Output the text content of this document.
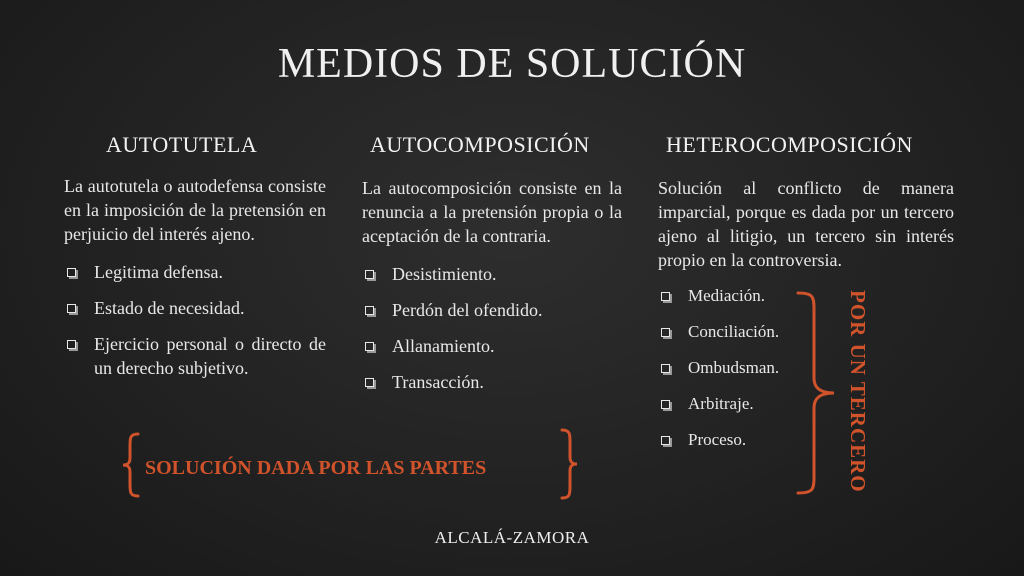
MEDIOS DE SOLUCIÓN
AUTOTUTELA
La autotutela o autodefensa consiste en la imposición de la pretensión en perjuicio del interés ajeno.
Legitima defensa.
Estado de necesidad.
Ejercicio personal o directo de un derecho subjetivo.
AUTOCOMPOSICIÓN
La autocomposición consiste en la renuncia a la pretensión propia o la aceptación de la contraria.
Desistimiento.
Perdón del ofendido.
Allanamiento.
Transacción.
HETEROCOMPOSICIÓN
Solución al conflicto de manera imparcial, porque es dada por un tercero ajeno al litigio, un tercero sin interés propio en la controversia.
Mediación.
Conciliación.
Ombudsman.
Arbitraje.
Proceso.
SOLUCIÓN DADA POR LAS PARTES	POR UN TERCERO
ALCALÁ-ZAMORA
